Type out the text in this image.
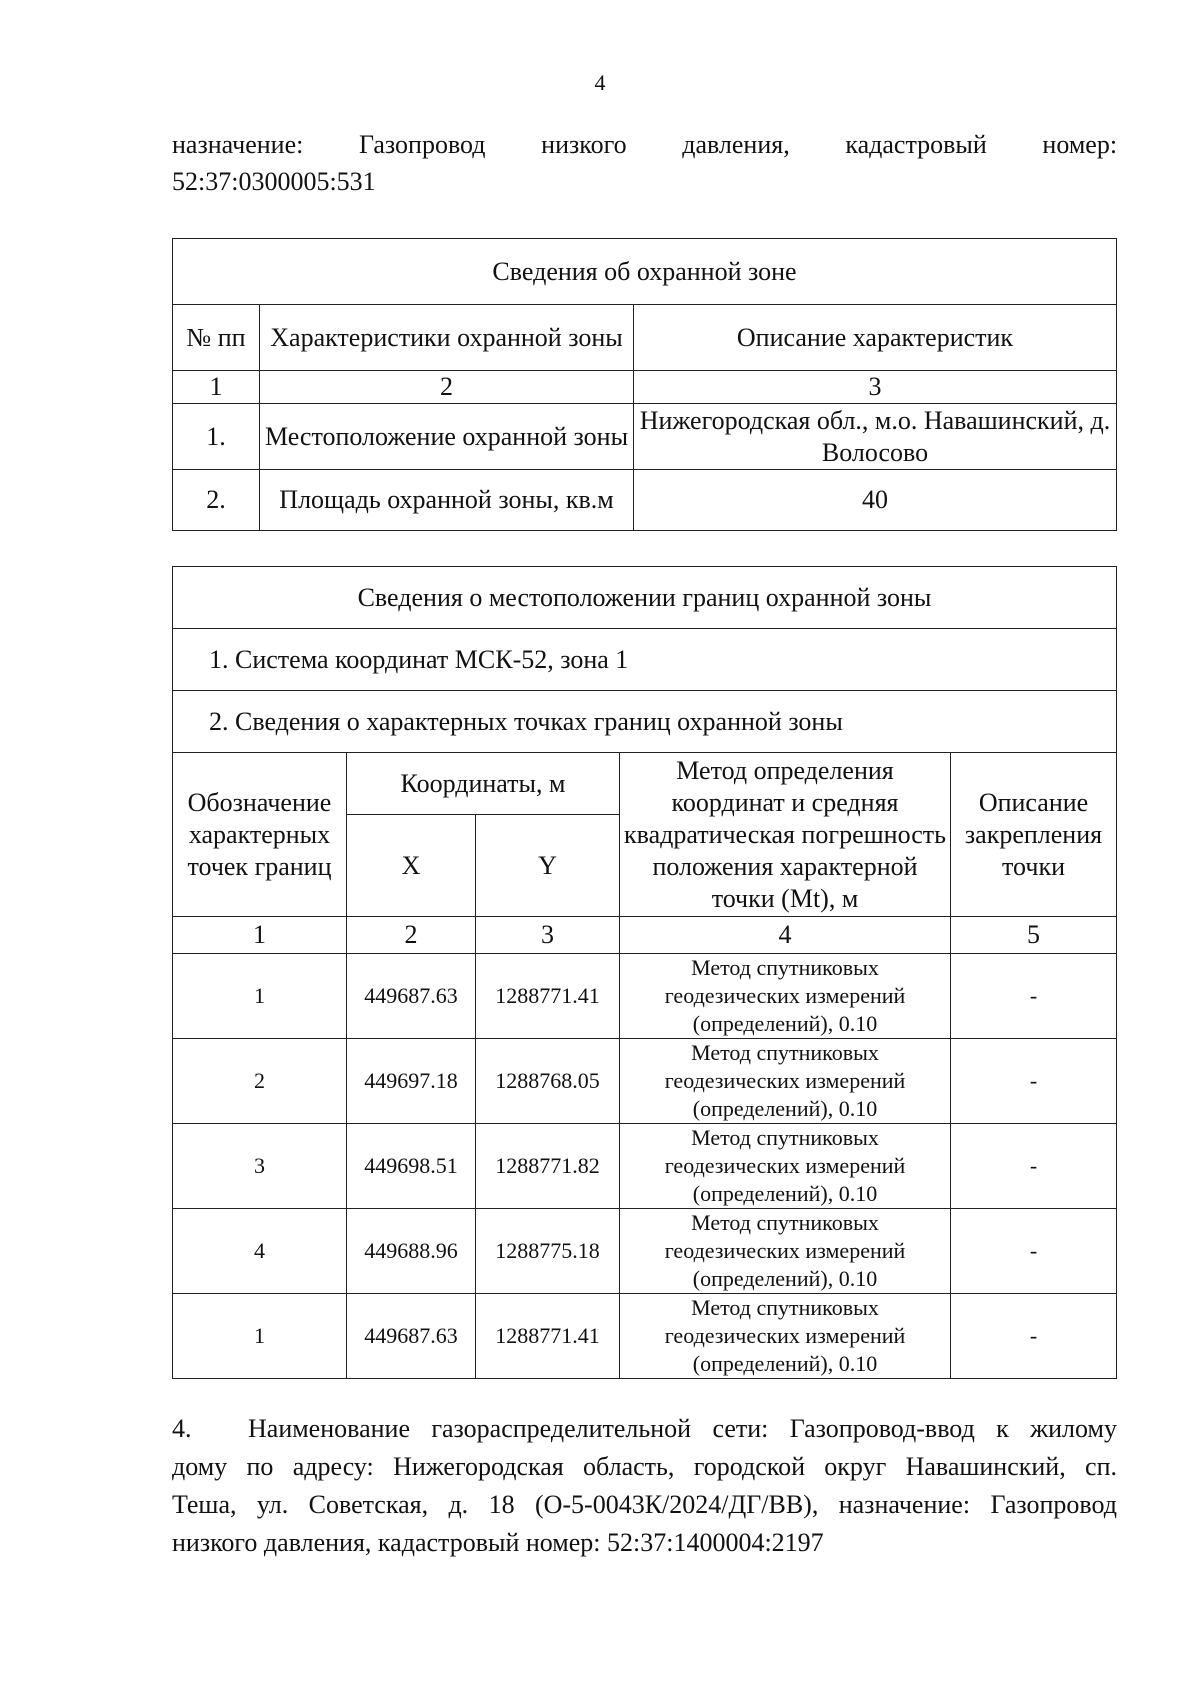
4
назначение: Газопровод низкого давления, кадастровый номер:
52:37:0300005:531
Сведения об охранной зоне		
№ пп	Характеристики охранной зоны	Описание характеристик
1	2	3
1.	Местоположение охранной зоны	Нижегородская обл., м.о. Навашинский, д. Волосово
2.	Площадь охранной зоны, кв.м	40
Сведения о местоположении границ охранной зоны				
1. Система координат МСК-52, зона 1				
2. Сведения о характерных точках границ охранной зоны				
Обозначение характерных точек границ	Координаты, м		Метод определения координат и средняя квадратическая погрешность положения характерной точки (Mt), м	Описание закрепления точки
	X	Y		
1	2	3	4	5
1	449687.63	1288771.41	Метод спутниковых геодезических измерений (определений), 0.10	-
2	449697.18	1288768.05	Метод спутниковых геодезических измерений (определений), 0.10	-
3	449698.51	1288771.82	Метод спутниковых геодезических измерений (определений), 0.10	-
4	449688.96	1288775.18	Метод спутниковых геодезических измерений (определений), 0.10	-
1	449687.63	1288771.41	Метод спутниковых геодезических измерений (определений), 0.10	-
4. Наименование газораспределительной сети: Газопровод-ввод к жилому
дому по адресу: Нижегородская область, городской округ Навашинский, сп.
Теша, ул. Советская, д. 18 (О-5-0043К/2024/ДГ/ВВ), назначение: Газопровод
низкого давления, кадастровый номер: 52:37:1400004:2197
